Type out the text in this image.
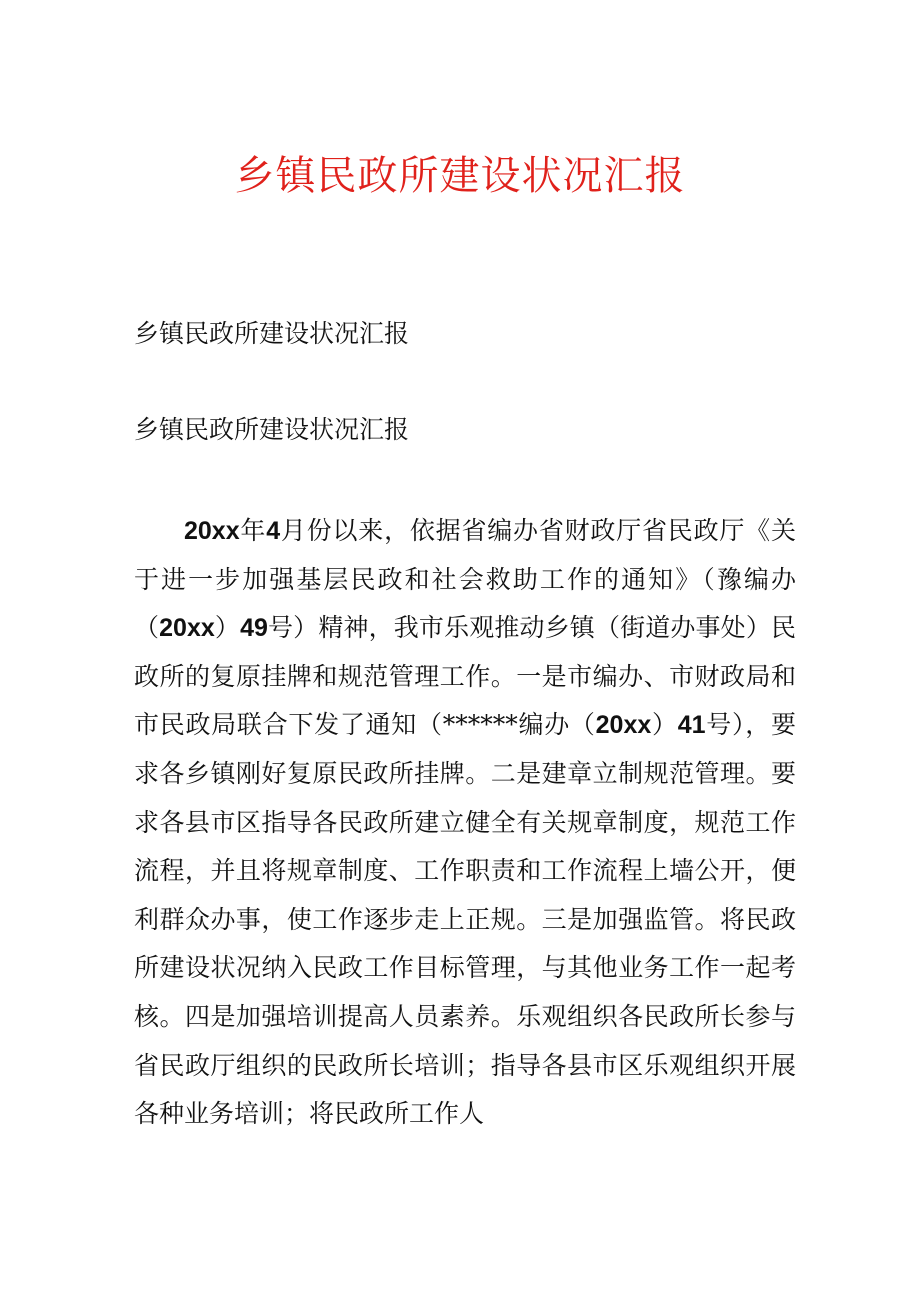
乡镇民政所建设状况汇报

乡镇民政所建设状况汇报

乡镇民政所建设状况汇报

20xx年4月份以来，依据省编办省财政厅省民政厅《关于进一步加强基层民政和社会救助工作的通知》（豫编办（20xx）49号）精神，我市乐观推动乡镇（街道办事处）民政所的复原挂牌和规范管理工作。一是市编办、市财政局和市民政局联合下发了通知（******编办（20xx）41号），要求各乡镇刚好复原民政所挂牌。二是建章立制规范管理。要求各县市区指导各民政所建立健全有关规章制度，规范工作流程，并且将规章制度、工作职责和工作流程上墙公开，便利群众办事，使工作逐步走上正规。三是加强监管。将民政所建设状况纳入民政工作目标管理，与其他业务工作一起考核。四是加强培训提高人员素养。乐观组织各民政所长参与省民政厅组织的民政所长培训；指导各县市区乐观组织开展各种业务培训；将民政所工作人
